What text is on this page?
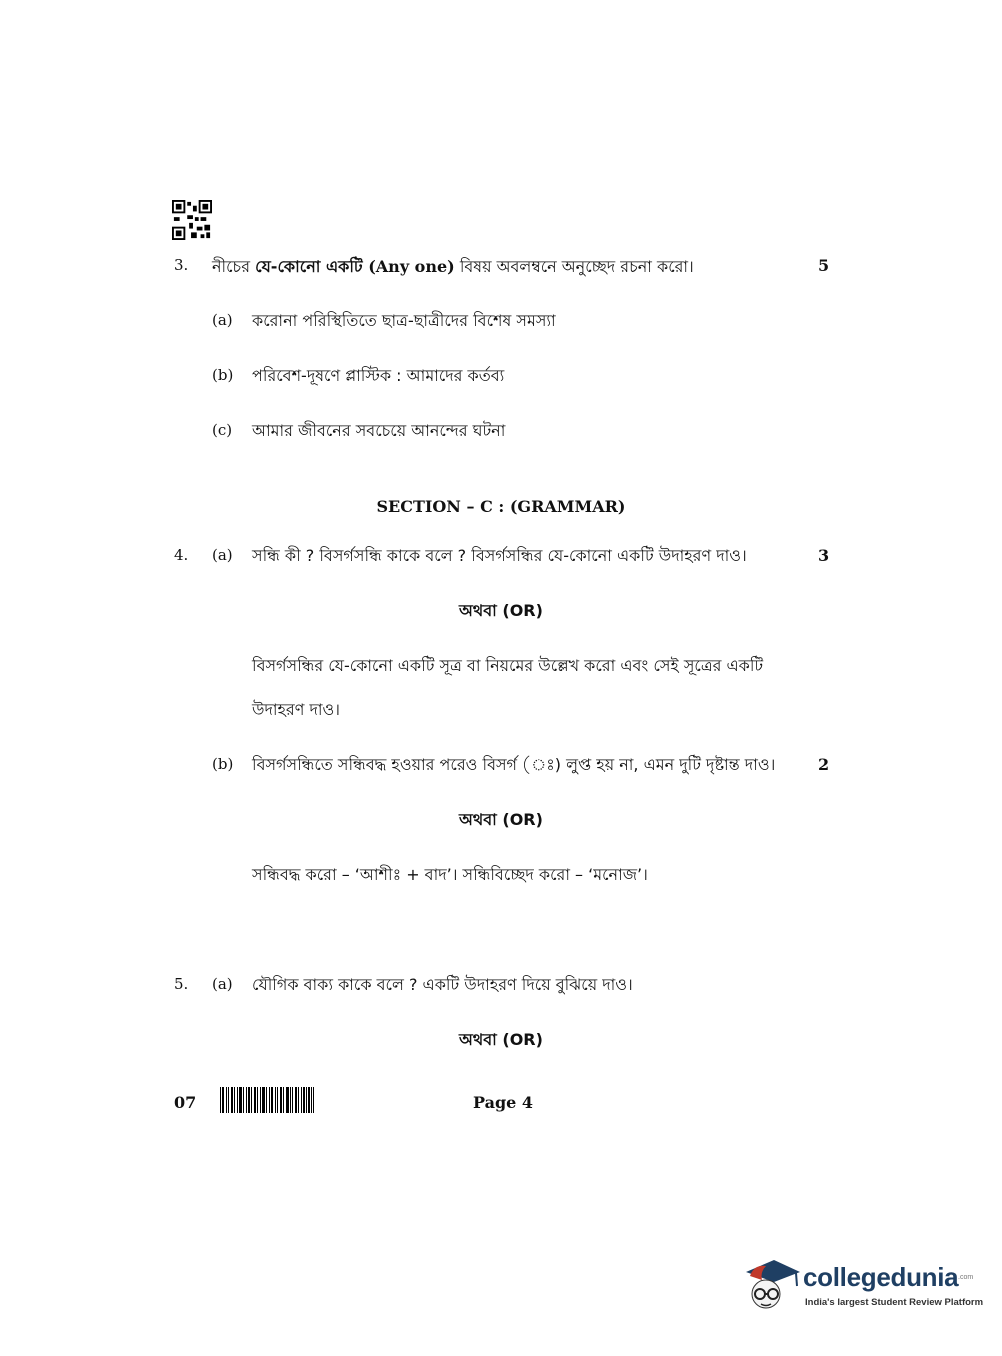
3. নীচের যে-কোনো একটি (Any one) বিষয় অবলম্বনে অনুচ্ছেদ রচনা করো।	5
(a) করোনা পরিস্থিতিতে ছাত্র-ছাত্রীদের বিশেষ সমস্যা
(b) পরিবেশ-দূষণে প্লাস্টিক : আমাদের কর্তব্য
(c) আমার জীবনের সবচেয়ে আনন্দের ঘটনা
SECTION – C : (GRAMMAR)
4. (a) সন্ধি কী ? বিসর্গসন্ধি কাকে বলে ? বিসর্গসন্ধির যে-কোনো একটি উদাহরণ দাও।	3
অথবা (OR)
বিসর্গসন্ধির যে-কোনো একটি সূত্র বা নিয়মের উল্লেখ করো এবং সেই সূত্রের একটি
উদাহরণ দাও।
(b) বিসর্গসন্ধিতে সন্ধিবদ্ধ হওয়ার পরেও বিসর্গ (ঃ) লুপ্ত হয় না, এমন দুটি দৃষ্টান্ত দাও।	2
অথবা (OR)
সন্ধিবদ্ধ করো – ‘আশীঃ + বাদ’। সন্ধিবিচ্ছেদ করো – ‘মনোজ’।
5. (a) যৌগিক বাক্য কাকে বলে ? একটি উদাহরণ দিয়ে বুঝিয়ে দাও।
অথবা (OR)
07	Page 4
collegedunia .com
India's largest Student Review Platform
